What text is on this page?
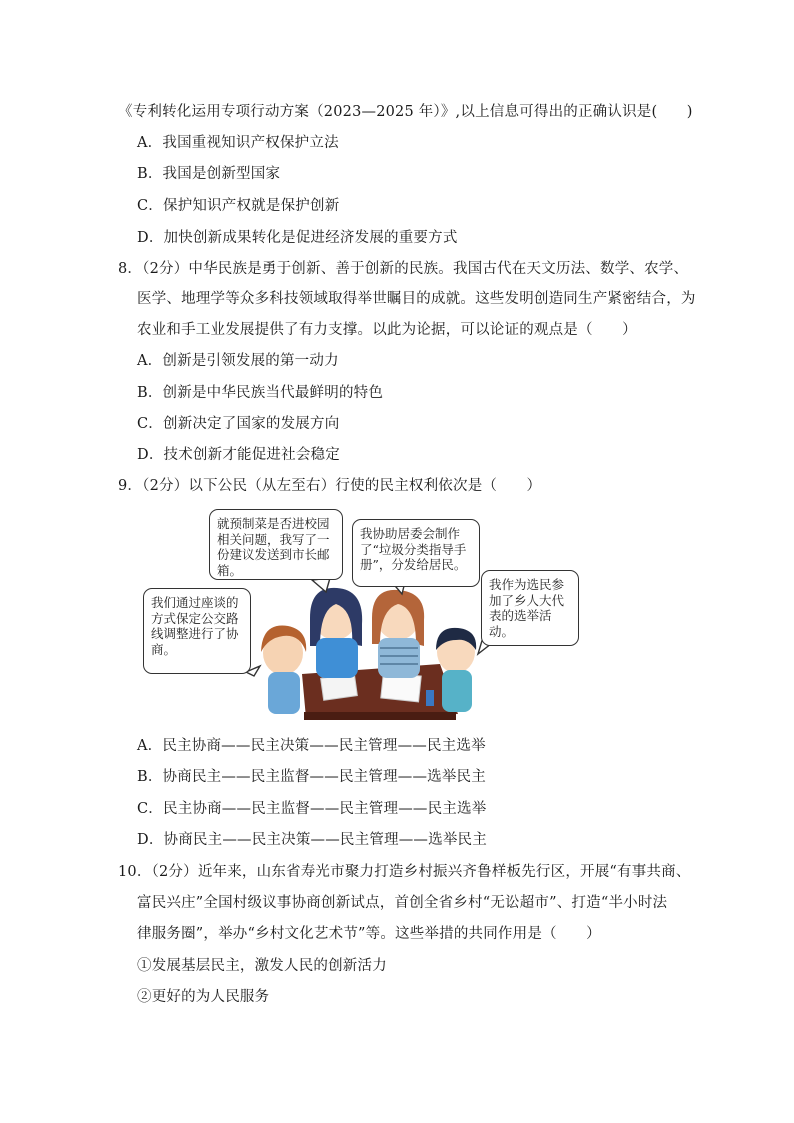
《专利转化运用专项行动方案（2023—2025 年）》,以上信息可得出的正确认识是(　　)
A．我国重视知识产权保护立法
B．我国是创新型国家
C．保护知识产权就是保护创新
D．加快创新成果转化是促进经济发展的重要方式
8．（2分）中华民族是勇于创新、善于创新的民族。我国古代在天文历法、数学、农学、
医学、地理学等众多科技领域取得举世瞩目的成就。这些发明创造同生产紧密结合，为
农业和手工业发展提供了有力支撑。以此为论据，可以论证的观点是（　　）
A．创新是引领发展的第一动力
B．创新是中华民族当代最鲜明的特色
C．创新决定了国家的发展方向
D．技术创新才能促进社会稳定
9．（2分）以下公民（从左至右）行使的民主权利依次是（　　）
我们通过座谈的方式保定公交路线调整进行了协商。
就预制菜是否进校园相关问题，我写了一份建议发送到市长邮箱。
我协助居委会制作了“垃圾分类指导手册”，分发给居民。
我作为选民参加了乡人大代表的选举活动。
A．民主协商——民主决策——民主管理——民主选举
B．协商民主——民主监督——民主管理——选举民主
C．民主协商——民主监督——民主管理——民主选举
D．协商民主——民主决策——民主管理——选举民主
10．（2分）近年来，山东省寿光市聚力打造乡村振兴齐鲁样板先行区，开展“有事共商、
富民兴庄”全国村级议事协商创新试点，首创全省乡村“无讼超市”、打造“半小时法
律服务圈”，举办“乡村文化艺术节”等。这些举措的共同作用是（　　）
①发展基层民主，激发人民的创新活力
②更好的为人民服务
